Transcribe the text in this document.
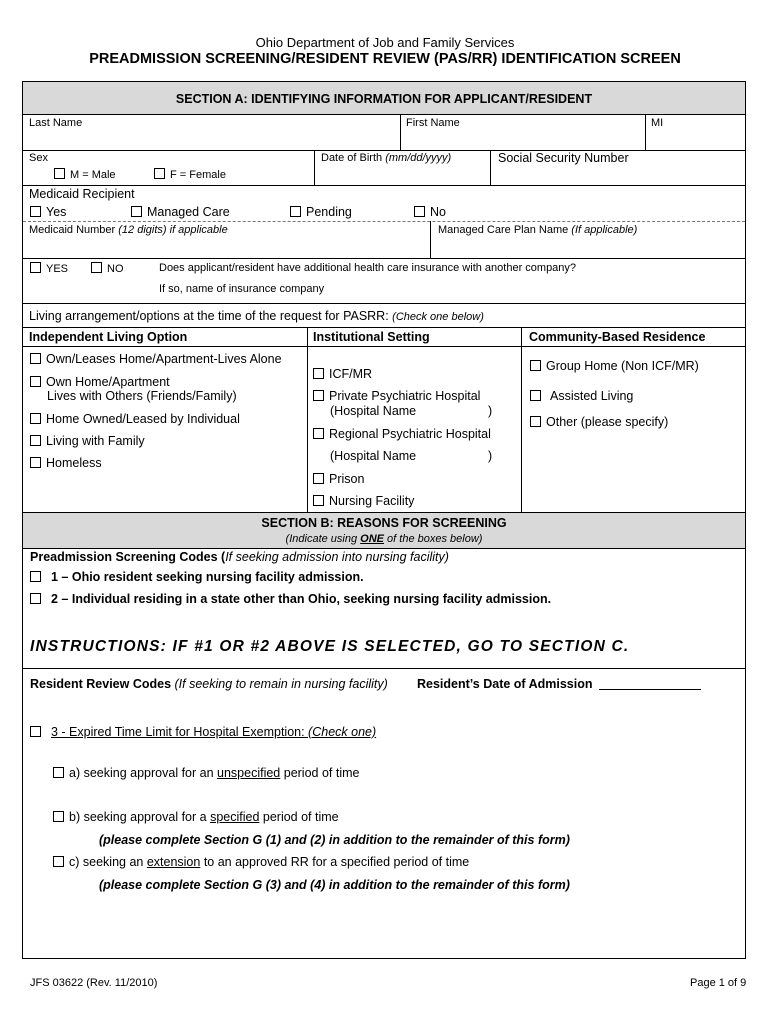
Ohio Department of Job and Family Services
PREADMISSION SCREENING/RESIDENT REVIEW (PAS/RR) IDENTIFICATION SCREEN
SECTION A: IDENTIFYING INFORMATION FOR APPLICANT/RESIDENT
Last Name	First Name	MI
Sex
M = Male	F = Female
Date of Birth (mm/dd/yyyy)	Social Security Number
Medicaid Recipient
Yes	Managed Care	Pending	No
Medicaid Number (12 digits) if applicable	Managed Care Plan Name (If applicable)
YES	NO	Does applicant/resident have additional health care insurance with another company?
If so, name of insurance company
Living arrangement/options at the time of the request for PASRR: (Check one below)
Independent Living Option	Institutional Setting	Community-Based Residence
Own/Leases Home/Apartment-Lives Alone
Own Home/Apartment
Lives with Others (Friends/Family)
Home Owned/Leased by Individual
Living with Family
Homeless
ICF/MR
Private Psychiatric Hospital
(Hospital Name	)
Regional Psychiatric Hospital
(Hospital Name	)
Prison
Nursing Facility
Group Home (Non ICF/MR)
Assisted Living
Other (please specify)
SECTION B: REASONS FOR SCREENING
(Indicate using ONE of the boxes below)
Preadmission Screening Codes (If seeking admission into nursing facility)
1 – Ohio resident seeking nursing facility admission.
2 – Individual residing in a state other than Ohio, seeking nursing facility admission.
INSTRUCTIONS: IF #1 OR #2 ABOVE IS SELECTED, GO TO SECTION C.
Resident Review Codes (If seeking to remain in nursing facility) Resident’s Date of Admission
3 - Expired Time Limit for Hospital Exemption: (Check one)
a) seeking approval for an unspecified period of time
b) seeking approval for a specified period of time
(please complete Section G (1) and (2) in addition to the remainder of this form)
c) seeking an extension to an approved RR for a specified period of time
(please complete Section G (3) and (4) in addition to the remainder of this form)
JFS 03622 (Rev. 11/2010)	Page 1 of 9
